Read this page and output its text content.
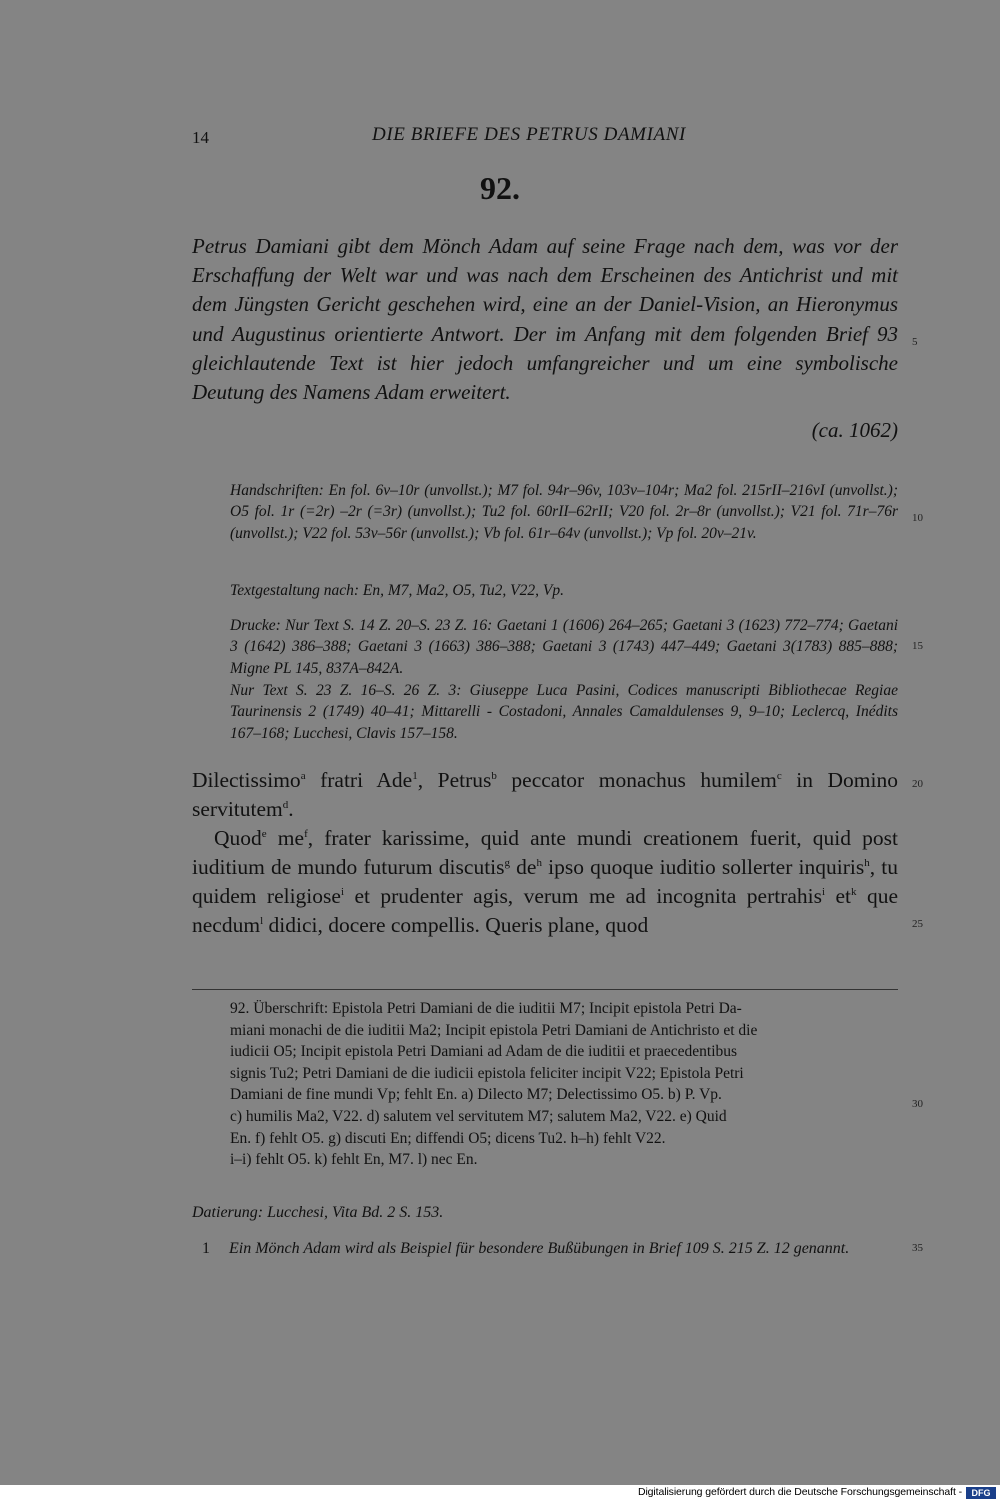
14	DIE BRIEFE DES PETRUS DAMIANI
92.
Petrus Damiani gibt dem Mönch Adam auf seine Frage nach dem, was vor der Erschaffung der Welt war und was nach dem Erscheinen des Antichrist und mit dem Jüngsten Gericht geschehen wird, eine an der Daniel-Vision, an Hieronymus und Augustinus orientierte Antwort. Der im Anfang mit dem folgenden Brief 93 gleichlautende Text ist hier jedoch umfangreicher und um eine symbolische Deutung des Namens Adam erweitert.
(ca. 1062)
Handschriften: En fol. 6v–10r (unvollst.); M7 fol. 94r–96v, 103v–104r; Ma2 fol. 215rII–216vI (unvollst.); O5 fol. 1r (=2r) –2r (=3r) (unvollst.); Tu2 fol. 60rII–62rII; V20 fol. 2r–8r (unvollst.); V21 fol. 71r–76r (unvollst.); V22 fol. 53v–56r (unvollst.); Vb fol. 61r–64v (unvollst.); Vp fol. 20v–21v.
Textgestaltung nach: En, M7, Ma2, O5, Tu2, V22, Vp.
Drucke: Nur Text S. 14 Z. 20–S. 23 Z. 16: Gaetani 1 (1606) 264–265; Gaetani 3 (1623) 772–774; Gaetani 3 (1642) 386–388; Gaetani 3 (1663) 386–388; Gaetani 3 (1743) 447–449; Gaetani 3(1783) 885–888; Migne PL 145, 837A–842A.
Nur Text S. 23 Z. 16–S. 26 Z. 3: Giuseppe Luca Pasini, Codices manuscripti Bibliothecae Regiae Taurinensis 2 (1749) 40–41; Mittarelli - Costadoni, Annales Camaldulenses 9, 9–10; Leclercq, Inédits 167–168; Lucchesi, Clavis 157–158.

Dilectissimo$^a$ fratri Ade$^1$, Petrus$^b$ peccator monachus humilem$^c$ in Domino servitutem$^d$.

Quod$^e$ $me^f$, frater karissime, quid ante mundi creationem fuerit, quid post iuditium de mundo futurum discutis$^g$ $de^h$ ipso quoque iuditio sollerter inquiris$^h$, tu quidem religiose$^i$ et prudenter agis, verum me ad incognita pertrahis$^i$ $et^k$ que necdum$^l$ didici, docere compellis. Queris plane, quod

92. Überschrift: Epistola Petri Damiani de die iuditii M7; Incipit epistola Petri Da-

miani monachi de die iuditii Ma2; Incipit epistola Petri Damiani de Antichristo et die

iudicii O5; Incipit epistola Petri Damiani ad Adam de die iuditii et praecedentibus

signis Tu2; Petri Damiani de die iudicii epistola feliciter incipit V22; Epistola Petri

Damiani de fine mundi Vp; fehlt En. a) Dilecto M7; Delectissimo O5. b) P. Vp.

c) humilis Ma2, V22. d) salutem vel servitutem M7; salutem Ma2, V22. e) Quid

En. f) fehlt O5. g) discuti En; diffendi O5; dicens Tu2. h–h) fehlt V22.

i–i) fehlt O5. k) fehlt En, M7. l) nec En.

Datierung: Lucchesi, Vita Bd. 2 S. 153.
1 Ein Mönch Adam wird als Beispiel für besondere Bußübungen in Brief 109 S. 215 Z. 12 genannt.
5
10
15
20
25
30
35
Digitalisierung gefördert durch die Deutsche Forschungsgemeinschaft -	DFG
